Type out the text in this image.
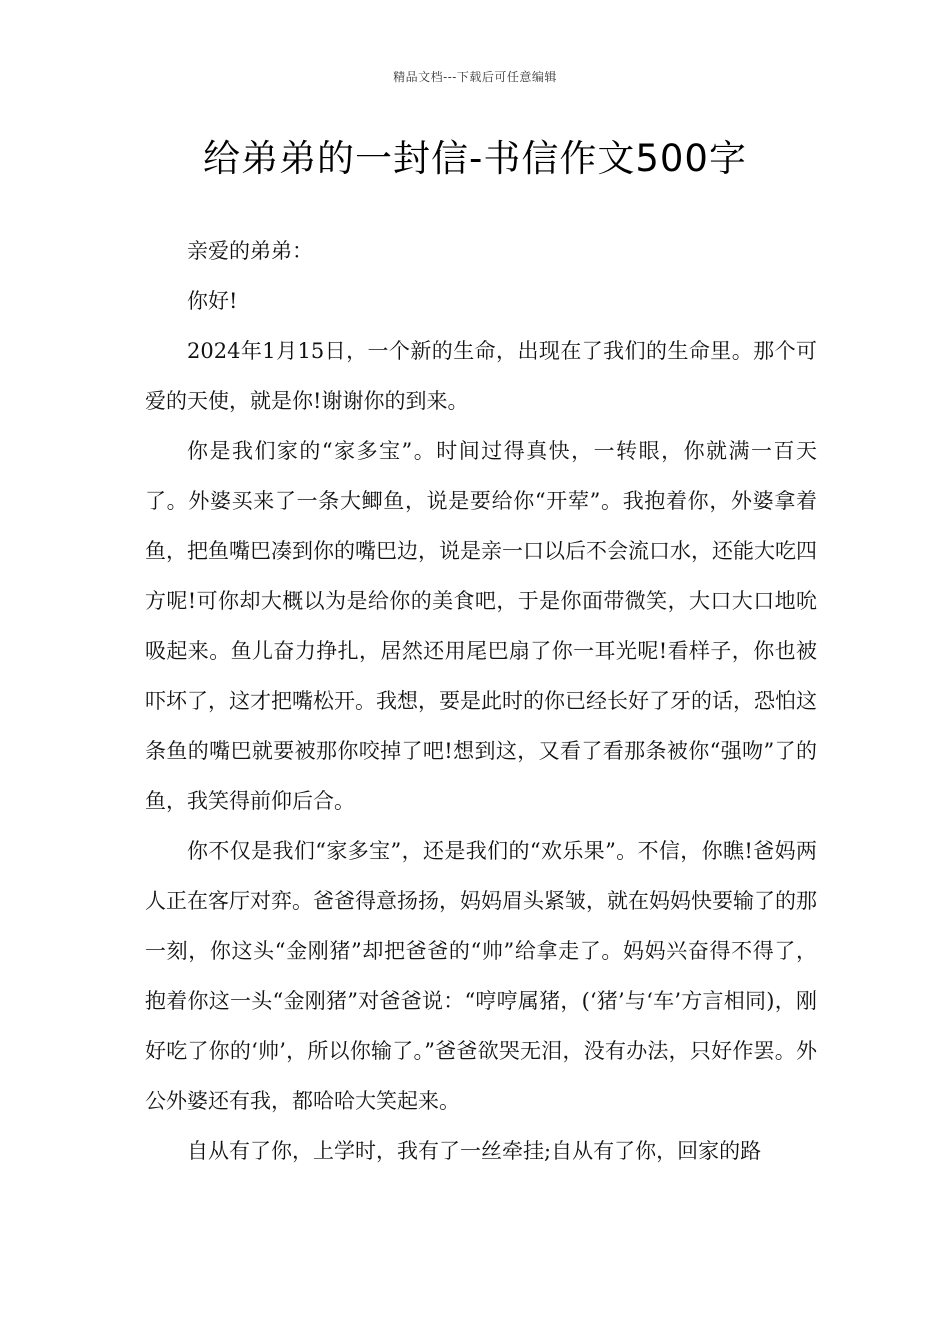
精品文档---下载后可任意编辑
给弟弟的一封信-书信作文500字

亲爱的弟弟：

你好!

2024年1月15日，一个新的生命，出现在了我们的生命里。那个可爱的天使，就是你!谢谢你的到来。

你是我们家的“家多宝”。时间过得真快，一转眼，你就满一百天了。外婆买来了一条大鲫鱼，说是要给你“开荤”。我抱着你，外婆拿着鱼，把鱼嘴巴凑到你的嘴巴边，说是亲一口以后不会流口水，还能大吃四方呢!可你却大概以为是给你的美食吧，于是你面带微笑，大口大口地吮吸起来。鱼儿奋力挣扎，居然还用尾巴扇了你一耳光呢!看样子，你也被吓坏了，这才把嘴松开。我想，要是此时的你已经长好了牙的话，恐怕这条鱼的嘴巴就要被那你咬掉了吧!想到这，又看了看那条被你“强吻”了的鱼，我笑得前仰后合。

你不仅是我们“家多宝”，还是我们的“欢乐果”。不信，你瞧!爸妈两人正在客厅对弈。爸爸得意扬扬，妈妈眉头紧皱，就在妈妈快要输了的那一刻，你这头“金刚猪”却把爸爸的“帅”给拿走了。妈妈兴奋得不得了，抱着你这一头“金刚猪”对爸爸说：“哼哼属猪，(‘猪’与‘车’方言相同)，刚好吃了你的‘帅’，所以你输了。”爸爸欲哭无泪，没有办法，只好作罢。外公外婆还有我，都哈哈大笑起来。

自从有了你，上学时，我有了一丝牵挂;自从有了你，回家的路
